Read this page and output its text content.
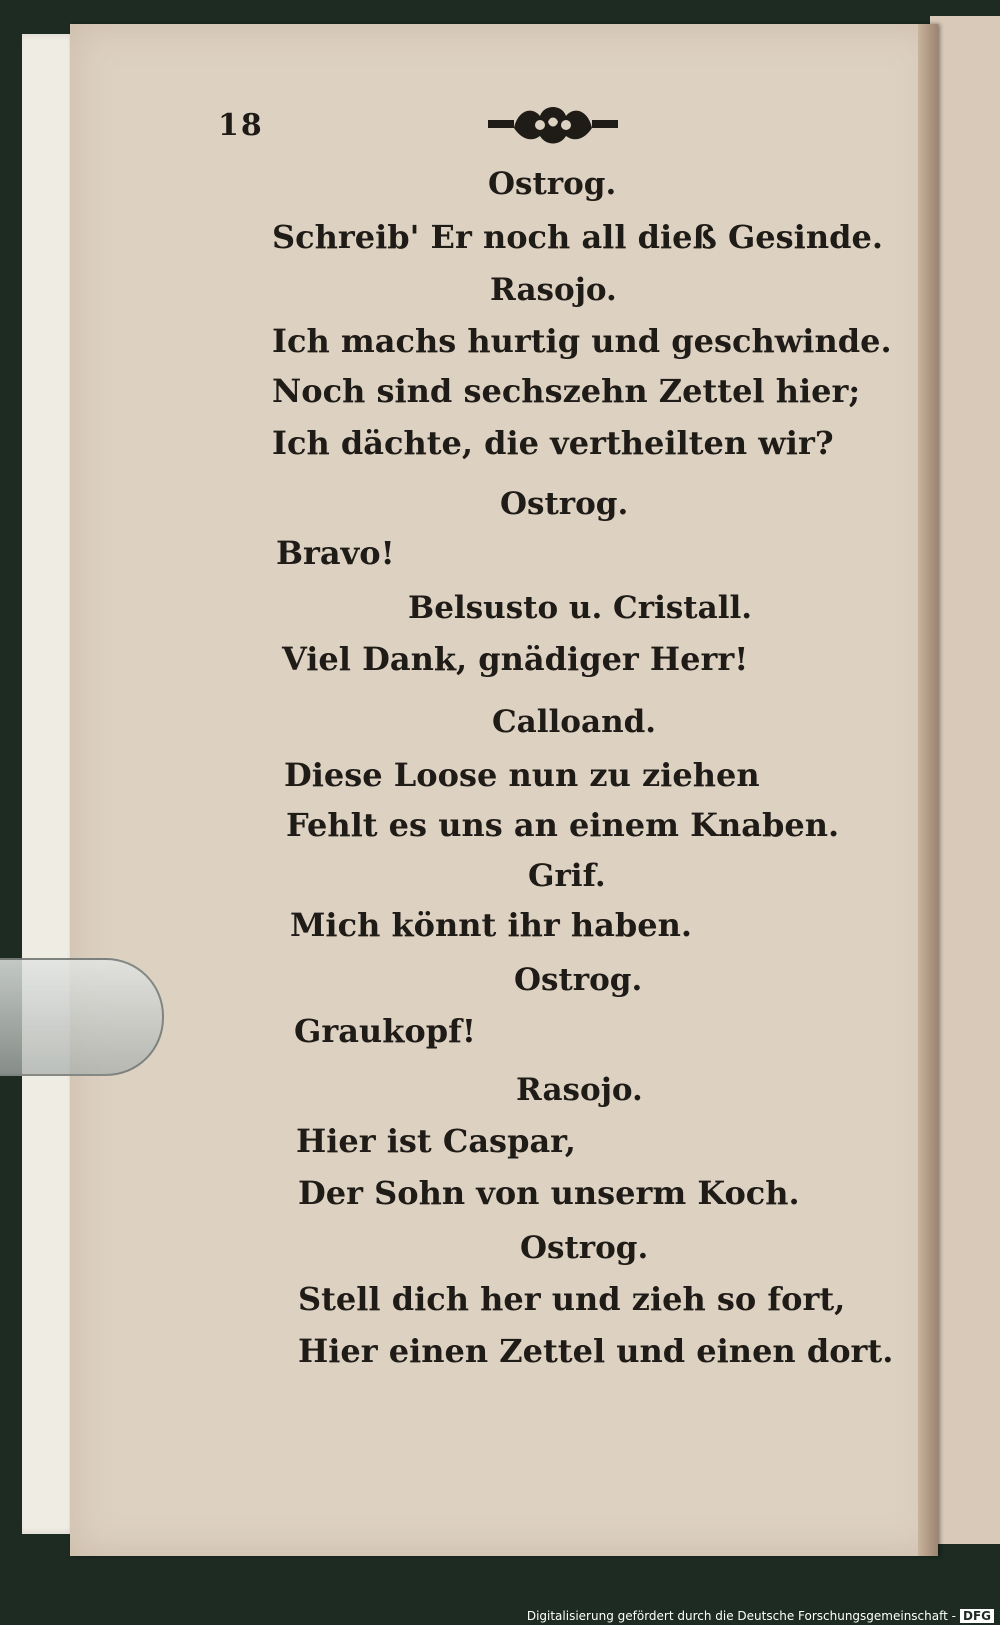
18

Ostrog.

Schreib' Er noch all dieß Gesinde.

Rasojo.

Ich machs hurtig und geschwinde.

Noch sind sechszehn Zettel hier;

Ich dächte, die vertheilten wir?

Ostrog.

Bravo!

Belsusto u. Cristall.

Viel Dank, gnädiger Herr!

Calloand.

Diese Loose nun zu ziehen

Fehlt es uns an einem Knaben.

Grif.

Mich könnt ihr haben.

Ostrog.

Graukopf!

Rasojo.

Hier ist Caspar,

Der Sohn von unserm Koch.

Ostrog.

Stell dich her und zieh so fort,

Hier einen Zettel und einen dort.

Digitalisierung gefördert durch die Deutsche Forschungsgemeinschaft - DFG
